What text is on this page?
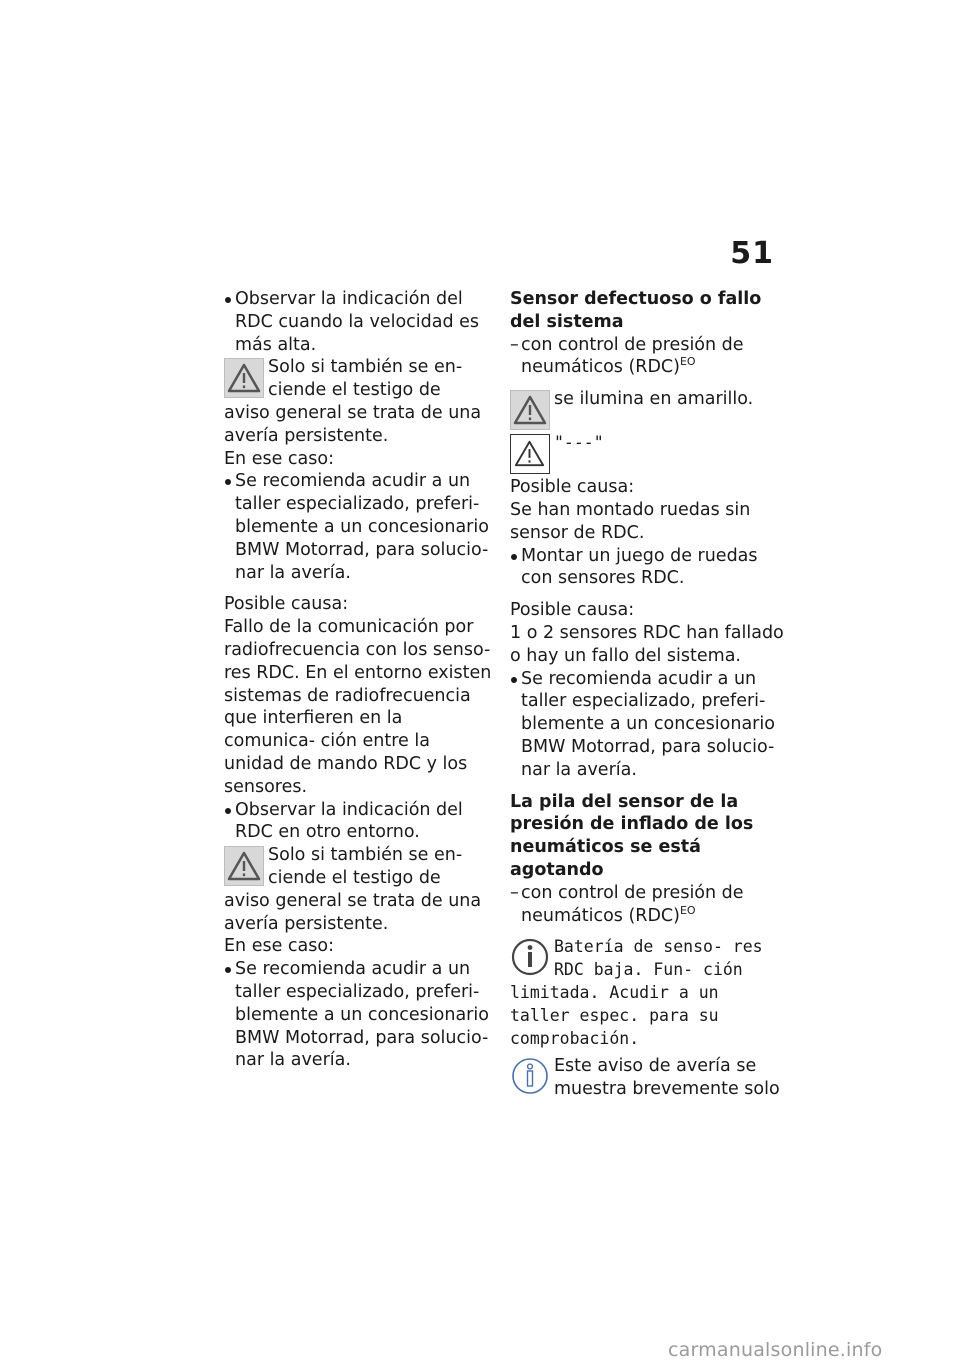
51

Observar la indicación del RDC cuando la velocidad es más alta.

Solo si también se en- ciende el testigo de aviso general se trata de una avería persistente.

En ese caso:

Se recomienda acudir a un taller especializado, preferi- blemente a un concesionario BMW Motorrad, para solucio- nar la avería.

Posible causa:

Fallo de la comunicación por radiofrecuencia con los senso- res RDC. En el entorno existen sistemas de radiofrecuencia que interfieren en la comunica- ción entre la unidad de mando RDC y los sensores.

Observar la indicación del RDC en otro entorno.

Solo si también se en- ciende el testigo de aviso general se trata de una avería persistente.

En ese caso:

Se recomienda acudir a un taller especializado, preferi- blemente a un concesionario BMW Motorrad, para solucio- nar la avería.

Sensor defectuoso o fallo del sistema

– con control de presión de neumáticos (RDC)$^{EO}$

se ilumina en amarillo.
"---"

Posible causa:

Se han montado ruedas sin sensor de RDC.

Montar un juego de ruedas con sensores RDC.

Posible causa:

1 o 2 sensores RDC han fallado o hay un fallo del sistema.

Se recomienda acudir a un taller especializado, preferi- blemente a un concesionario BMW Motorrad, para solucio- nar la avería.

La pila del sensor de la presión de inflado de los neumáticos se está agotando

– con control de presión de neumáticos (RDC)$^{EO}$

Batería de senso- res RDC baja. Fun- ción limitada. Acudir a un taller espec. para su comprobación.
Este aviso de avería se muestra brevemente solo
carmanualsonline.info
